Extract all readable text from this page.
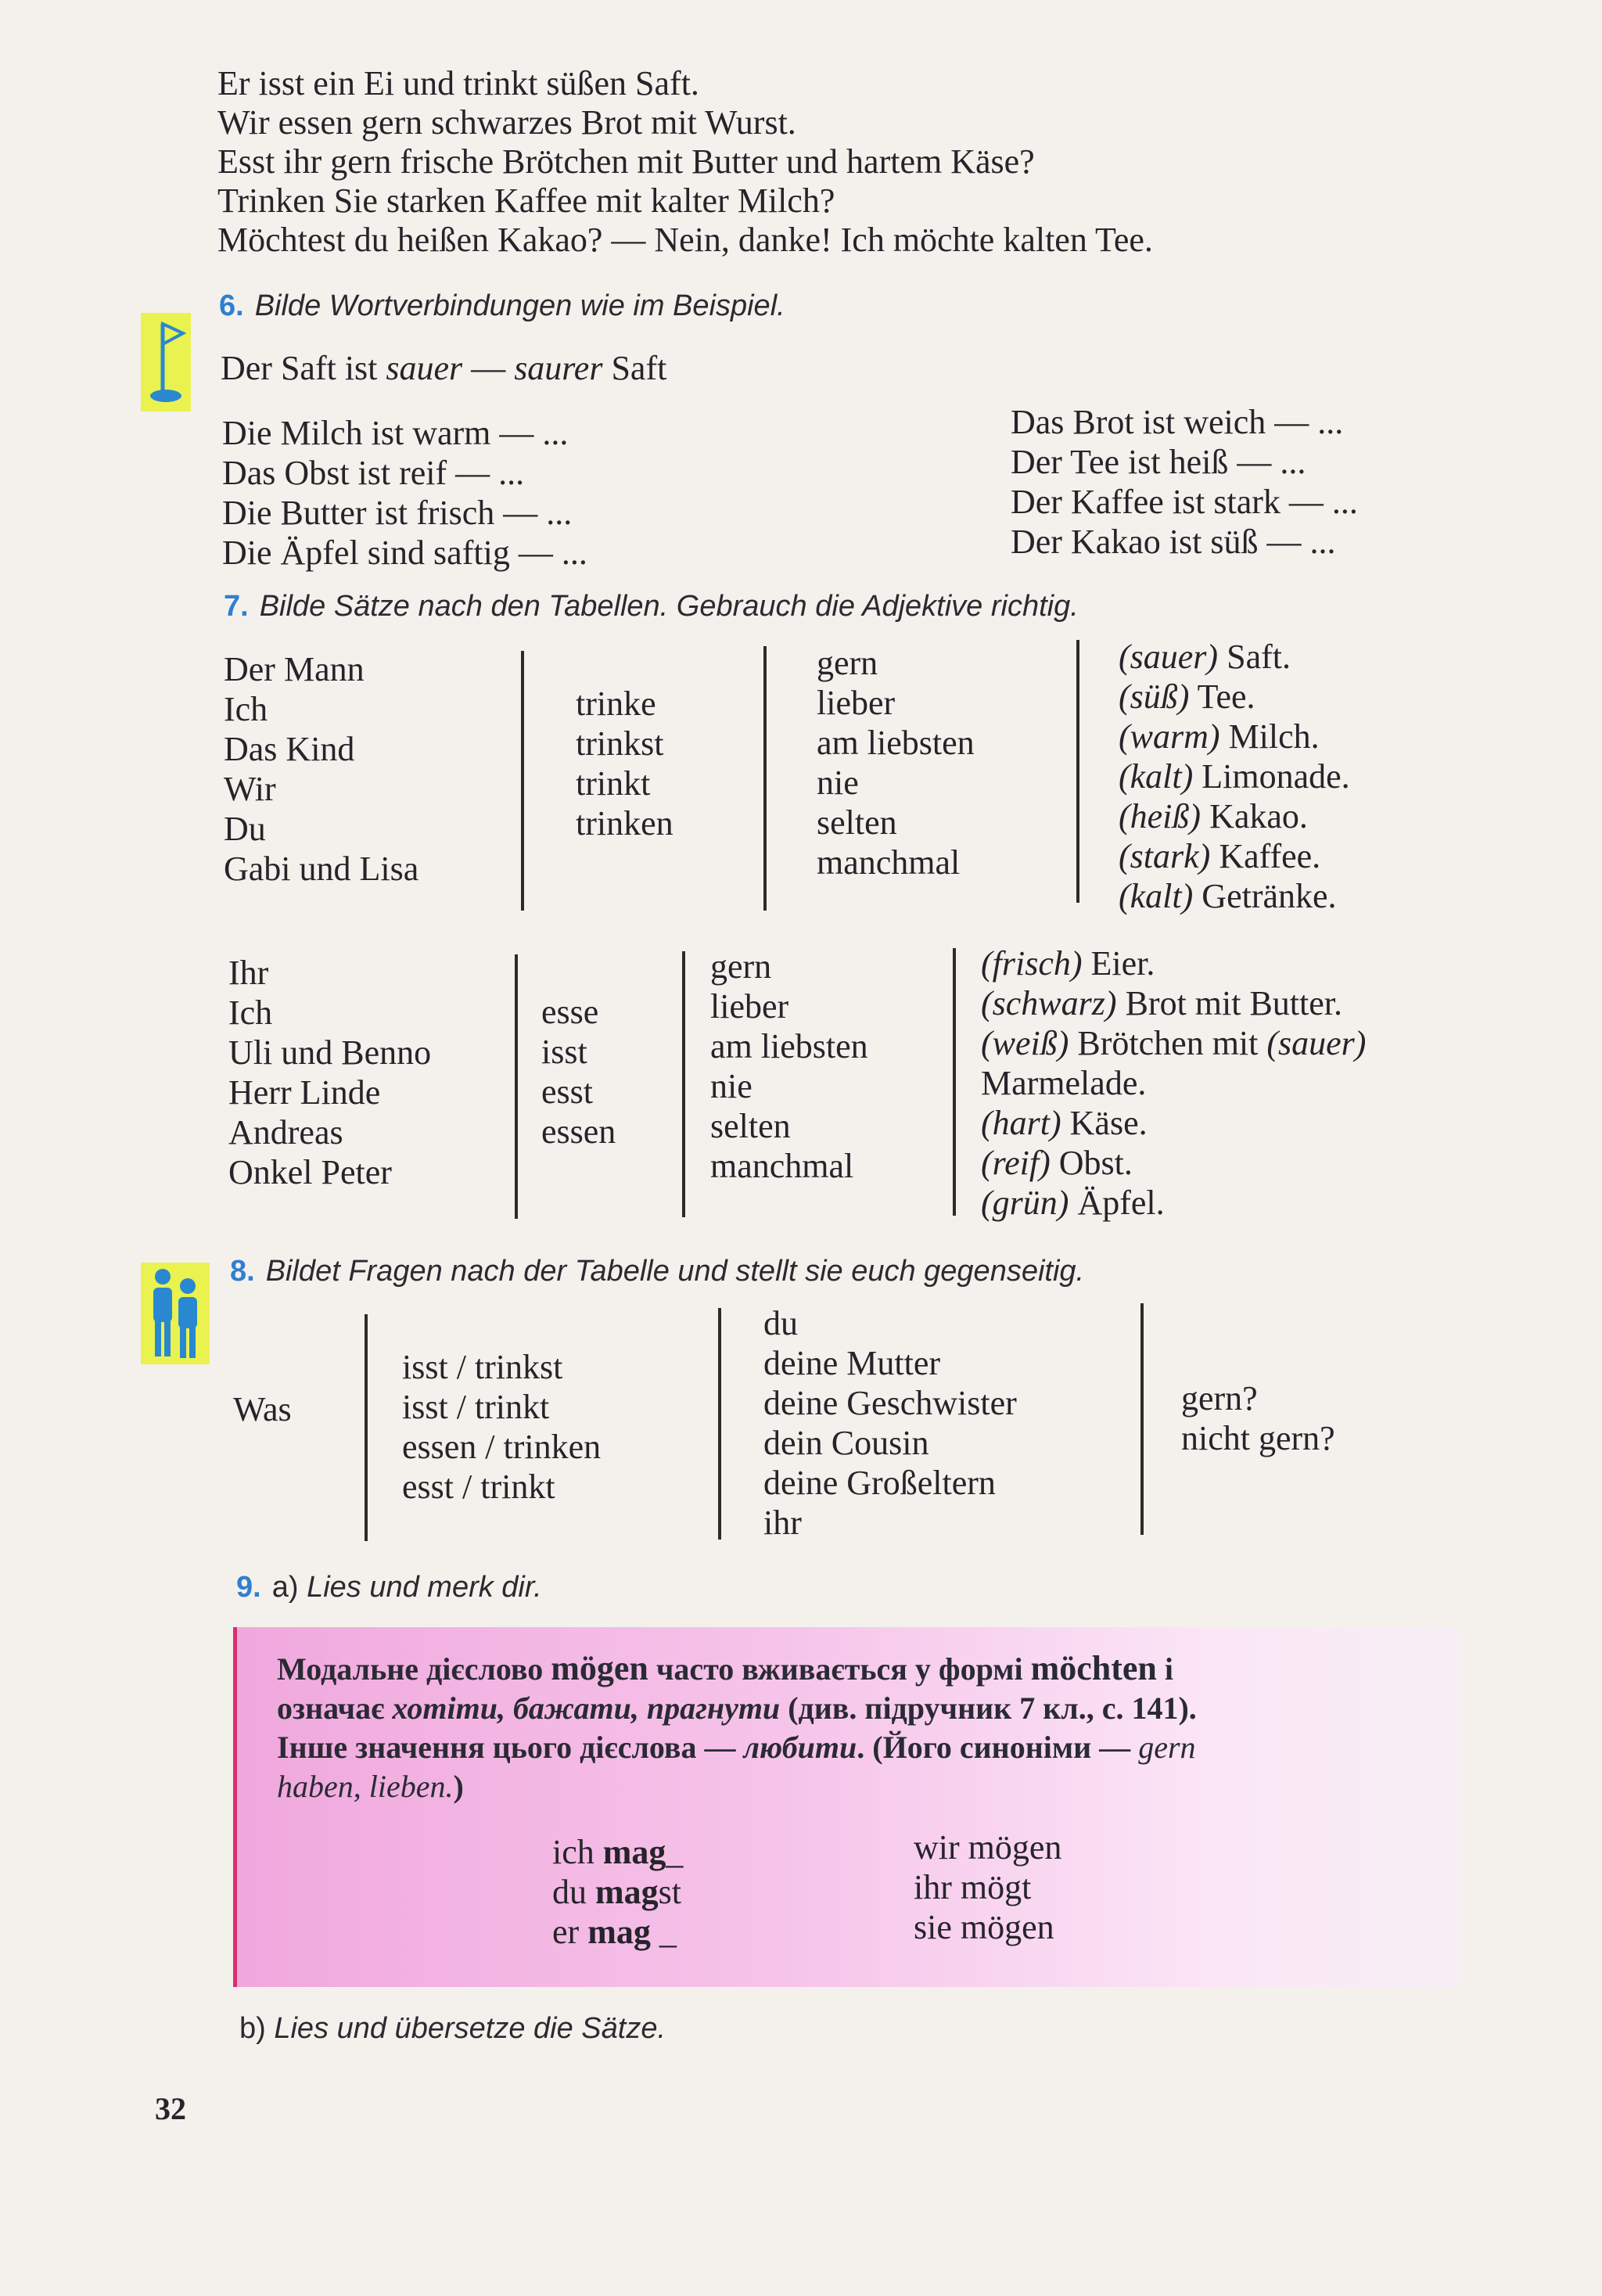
Er isst ein Ei und trinkt süßen Saft.
Wir essen gern schwarzes Brot mit Wurst.
Esst ihr gern frische Brötchen mit Butter und hartem Käse?
Trinken Sie starken Kaffee mit kalter Milch?
Möchtest du heißen Kakao? — Nein, danke! Ich möchte kalten Tee.
6. Bilde Wortverbindungen wie im Beispiel.
Der Saft ist sauer — saurer Saft
Die Milch ist warm — ...
Das Obst ist reif — ...
Die Butter ist frisch — ...
Die Äpfel sind saftig — ...
Das Brot ist weich — ...
Der Tee ist heiß — ...
Der Kaffee ist stark — ...
Der Kakao ist süß — ...
7. Bilde Sätze nach den Tabellen. Gebrauch die Adjektive richtig.
Der Mann
Ich
Das Kind
Wir
Du
Gabi und Lisa
trinke
trinkst
trinkt
trinken
gern
lieber
am liebsten
nie
selten
manchmal
(sauer) Saft.
(süß) Tee.
(warm) Milch.
(kalt) Limonade.
(heiß) Kakao.
(stark) Kaffee.
(kalt) Getränke.
Ihr
Ich
Uli und Benno
Herr Linde
Andreas
Onkel Peter
esse
isst
esst
essen
gern
lieber
am liebsten
nie
selten
manchmal
(frisch) Eier.
(schwarz) Brot mit Butter.
(weiß) Brötchen mit (sauer)
Marmelade.
(hart) Käse.
(reif) Obst.
(grün) Äpfel.
8. Bildet Fragen nach der Tabelle und stellt sie euch gegenseitig.
Was
isst / trinkst
isst / trinkt
essen / trinken
esst / trinkt
du
deine Mutter
deine Geschwister
dein Cousin
deine Großeltern
ihr
gern?
nicht gern?
9. a) Lies und merk dir.
Модальне дієслово mögen часто вживається у формі möchten і
означає хотіти, бажати, прагнути (див. підручник 7 кл., с. 141).
Інше значення цього дієслова — любити. (Його синоніми — gern
haben, lieben.)
ich mag_
du magst
er mag _
wir mögen
ihr mögt
sie mögen
b) Lies und übersetze die Sätze.
32
